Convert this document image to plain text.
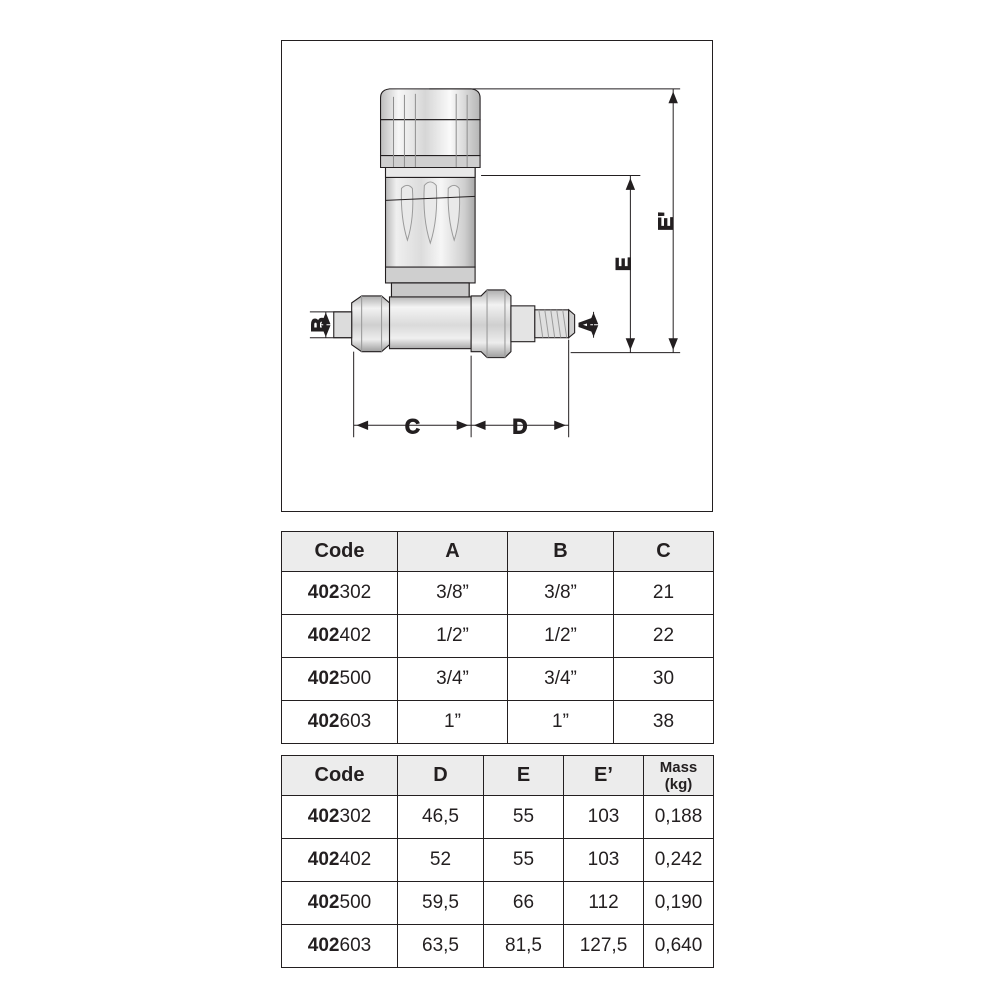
E'
E
A
B
C	D
Code	A	B	C
402302	3/8”	3/8”	21
402402	1/2”	1/2”	22
402500	3/4”	3/4”	30
402603	1”	1”	38
Code	D	E	E’	Mass (kg)
402302	46,5	55	103	0,188
402402	52	55	103	0,242
402500	59,5	66	112	0,190
402603	63,5	81,5	127,5	0,640
